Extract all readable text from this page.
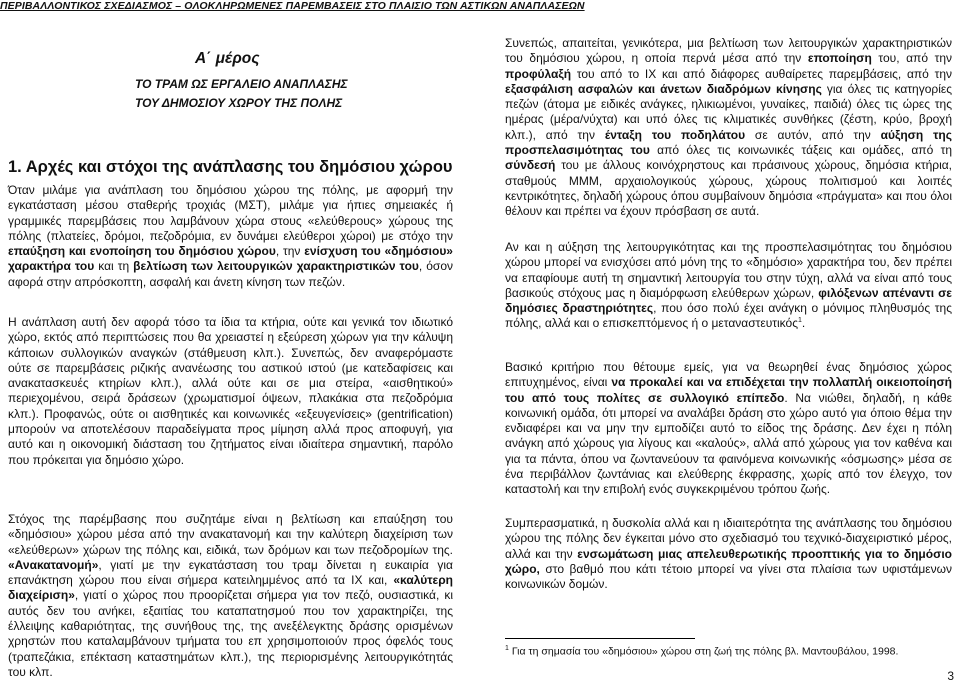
ΠΕΡΙΒΑΛΛΟΝΤΙΚΟΣ ΣΧΕΔΙΑΣΜΟΣ – ΟΛΟΚΛΗΡΩΜΕΝΕΣ ΠΑΡΕΜΒΑΣΕΙΣ ΣΤΟ ΠΛΑΙΣΙΟ ΤΩΝ ΑΣΤΙΚΩΝ ΑΝΑΠΛΑΣΕΩΝ
Α΄ μέρος
ΤΟ ΤΡΑΜ ΩΣ ΕΡΓΑΛΕΙΟ ΑΝΑΠΛΑΣΗΣ
ΤΟΥ ΔΗΜΟΣΙΟΥ ΧΩΡΟΥ ΤΗΣ ΠΟΛΗΣ
1. Αρχές και στόχοι της ανάπλασης του δημόσιου χώρου

Όταν μιλάμε για ανάπλαση του δημόσιου χώρου της πόλης, με αφορμή την εγκατάσταση μέσου σταθερής τροχιάς (ΜΣΤ), μιλάμε για ήπιες σημειακές ή γραμμικές παρεμβάσεις που λαμβάνουν χώρα στους «ελεύθερους» χώρους της πόλης (πλατείες, δρόμοι, πεζοδρόμια, εν δυνάμει ελεύθεροι χώροι) με στόχο την επαύξηση και ενοποίηση του δημόσιου χώρου, την ενίσχυση του «δημόσιου» χαρακτήρα του και τη βελτίωση των λειτουργικών χαρακτηριστικών του, όσον αφορά στην απρόσκοπτη, ασφαλή και άνετη κίνηση των πεζών.

Η ανάπλαση αυτή δεν αφορά τόσο τα ίδια τα κτήρια, ούτε και γενικά τον ιδιωτικό χώρο, εκτός από περιπτώσεις που θα χρειαστεί η εξεύρεση χώρων για την κάλυψη κάποιων συλλογικών αναγκών (στάθμευση κλπ.). Συνεπώς, δεν αναφερόμαστε ούτε σε παρεμβάσεις ριζικής ανανέωσης του αστικού ιστού (με κατεδαφίσεις και ανακατασκευές κτηρίων κλπ.), αλλά ούτε και σε μια στείρα, «αισθητικού» περιεχομένου, σειρά δράσεων (χρωματισμοί όψεων, πλακάκια στα πεζοδρόμια κλπ.). Προφανώς, ούτε οι αισθητικές και κοινωνικές «εξευγενίσεις» (gentrification) μπορούν να αποτελέσουν παραδείγματα προς μίμηση αλλά προς αποφυγή, για αυτό και η οικονομική διάσταση του ζητήματος είναι ιδιαίτερα σημαντική, παρόλο που πρόκειται για δημόσιο χώρο.

Στόχος της παρέμβασης που συζητάμε είναι η βελτίωση και επαύξηση του «δημόσιου» χώρου μέσα από την ανακατανομή και την καλύτερη διαχείριση των «ελεύθερων» χώρων της πόλης και, ειδικά, των δρόμων και των πεζοδρομίων της. «Ανακατανομή», γιατί με την εγκατάσταση του τραμ δίνεται η ευκαιρία για επανάκτηση χώρου που είναι σήμερα κατειλημμένος από τα ΙΧ και, «καλύτερη διαχείριση», γιατί ο χώρος που προορίζεται σήμερα για τον πεζό, ουσιαστικά, κι αυτός δεν του ανήκει, εξαιτίας του καταπατησμού που τον χαρακτηρίζει, της έλλειψης καθαριότητας, της συνήθους της, της ανεξέλεγκτης δράσης ορισμένων χρηστών που καταλαμβάνουν τμήματα του επ χρησιμοποιούν προς όφελός τους (τραπεζάκια, επέκταση καταστημάτων κλπ.), της περιορισμένης λειτουργικότητάς του κλπ.

Συνεπώς, απαιτείται, γενικότερα, μια βελτίωση των λειτουργικών χαρακτηριστικών του δημόσιου χώρου, η οποία περνά μέσα από την εποποίηση του, από την προφύλαξή του από το ΙΧ και από διάφορες αυθαίρετες παρεμβάσεις, από την εξασφάλιση ασφαλών και άνετων διαδρόμων κίνησης για όλες τις κατηγορίες πεζών (άτομα με ειδικές ανάγκες, ηλικιωμένοι, γυναίκες, παιδιά) όλες τις ώρες της ημέρας (μέρα/νύχτα) και υπό όλες τις κλιματικές συνθήκες (ζέστη, κρύο, βροχή κλπ.), από την ένταξη του ποδηλάτου σε αυτόν, από την αύξηση της προσπελασιμότητας του από όλες τις κοινωνικές τάξεις και ομάδες, από τη σύνδεσή του με άλλους κοινόχρηστους και πράσινους χώρους, δημόσια κτήρια, σταθμούς ΜΜΜ, αρχαιολογικούς χώρους, χώρους πολιτισμού και λοιπές κεντρικότητες, δηλαδή χώρους όπου συμβαίνουν δημόσια «πράγματα» και που όλοι θέλουν και πρέπει να έχουν πρόσβαση σε αυτά.

Αν και η αύξηση της λειτουργικότητας και της προσπελασιμότητας του δημόσιου χώρου μπορεί να ενισχύσει από μόνη της το «δημόσιο» χαρακτήρα του, δεν πρέπει να επαφίουμε αυτή τη σημαντική λειτουργία του στην τύχη, αλλά να είναι από τους βασικούς στόχους μας η διαμόρφωση ελεύθερων χώρων, φιλόξενων απέναντι σε δημόσιες δραστηριότητες, που όσο πολύ έχει ανάγκη ο μόνιμος πληθυσμός της πόλης, αλλά και ο επισκεπτόμενος ή ο μεταναστευτικός$^1$.

Βασικό κριτήριο που θέτουμε εμείς, για να θεωρηθεί ένας δημόσιος χώρος επιτυχημένος, είναι να προκαλεί και να επιδέχεται την πολλαπλή οικειοποίησή του από τους πολίτες σε συλλογικό επίπεδο. Να νιώθει, δηλαδή, η κάθε κοινωνική ομάδα, ότι μπορεί να αναλάβει δράση στο χώρο αυτό για όποιο θέμα την ενδιαφέρει και να μην την εμποδίζει αυτό το είδος της δράσης. Δεν έχει η πόλη ανάγκη από χώρους για λίγους και «καλούς», αλλά από χώρους για τον καθένα και για τα πάντα, όπου να ζωντανεύουν τα φαινόμενα κοινωνικής «όσμωσης» μέσα σε ένα περιβάλλον ζωντάνιας και ελεύθερης έκφρασης, χωρίς από τον έλεγχο, τον καταστολή και την επιβολή ενός συγκεκριμένου τρόπου ζωής.

Συμπερασματικά, η δυσκολία αλλά και η ιδιαιτερότητα της ανάπλασης του δημόσιου χώρου της πόλης δεν έγκειται μόνο στο σχεδιασμό του τεχνικό-διαχειριστικό μέρος, αλλά και την ενσωμάτωση μιας απελευθερωτικής προοπτικής για το δημόσιο χώρο, στο βαθμό που κάτι τέτοιο μπορεί να γίνει στα πλαίσια των υφιστάμενων κοινωνικών δομών.

$^1$ Για τη σημασία του «δημόσιου» χώρου στη ζωή της πόλης βλ. Μαντουβάλου, 1998.
3
